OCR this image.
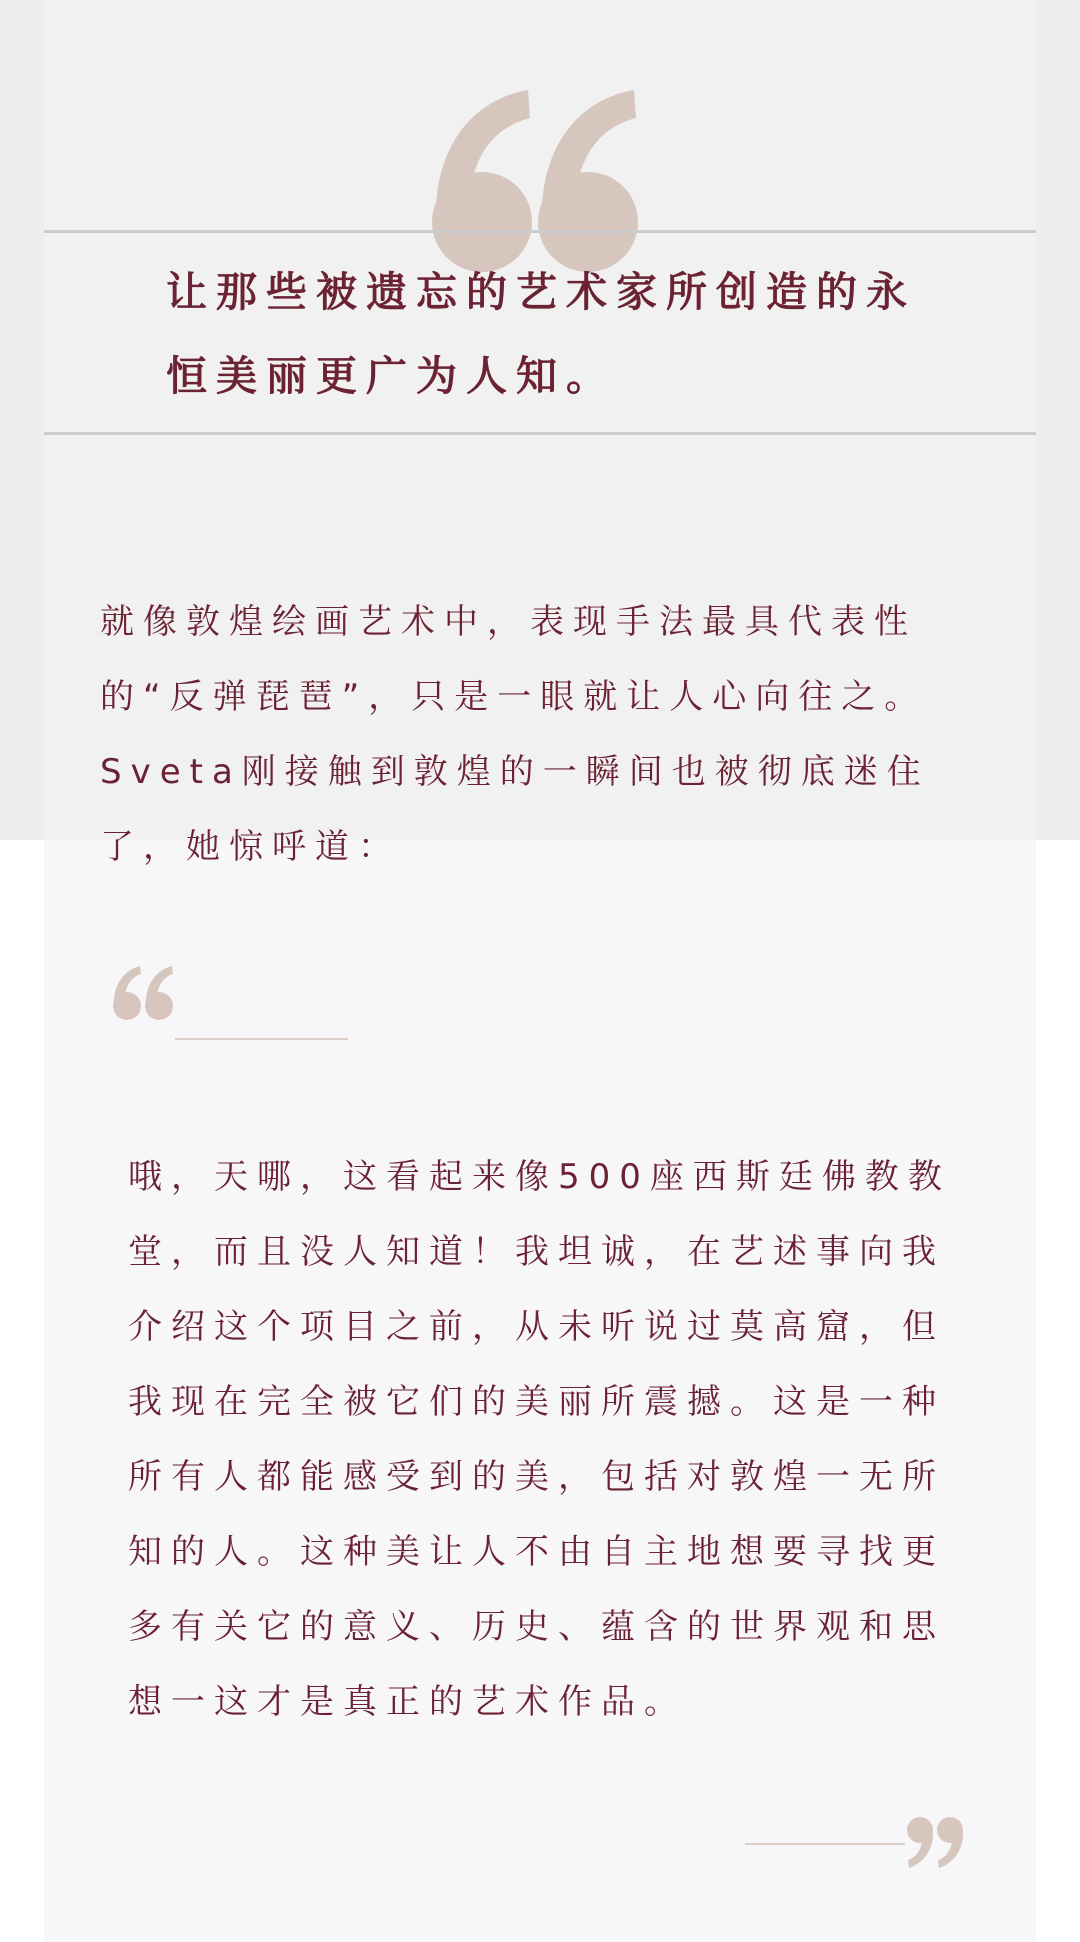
让那些被遗忘的艺术家所创造的永恒美丽更广为人知。

就像敦煌绘画艺术中，表现手法最具代表性的“反弹琵琶”，只是一眼就让人心向往之。Sveta刚接触到敦煌的一瞬间也被彻底迷住了，她惊呼道：

哦，天哪，这看起来像500座西斯廷佛教教堂，而且没人知道！我坦诚，在艺述事向我介绍这个项目之前，从未听说过莫高窟，但我现在完全被它们的美丽所震撼。这是一种所有人都能感受到的美，包括对敦煌一无所知的人。这种美让人不由自主地想要寻找更多有关它的意义、历史、蕴含的世界观和思想一这才是真正的艺术作品。
